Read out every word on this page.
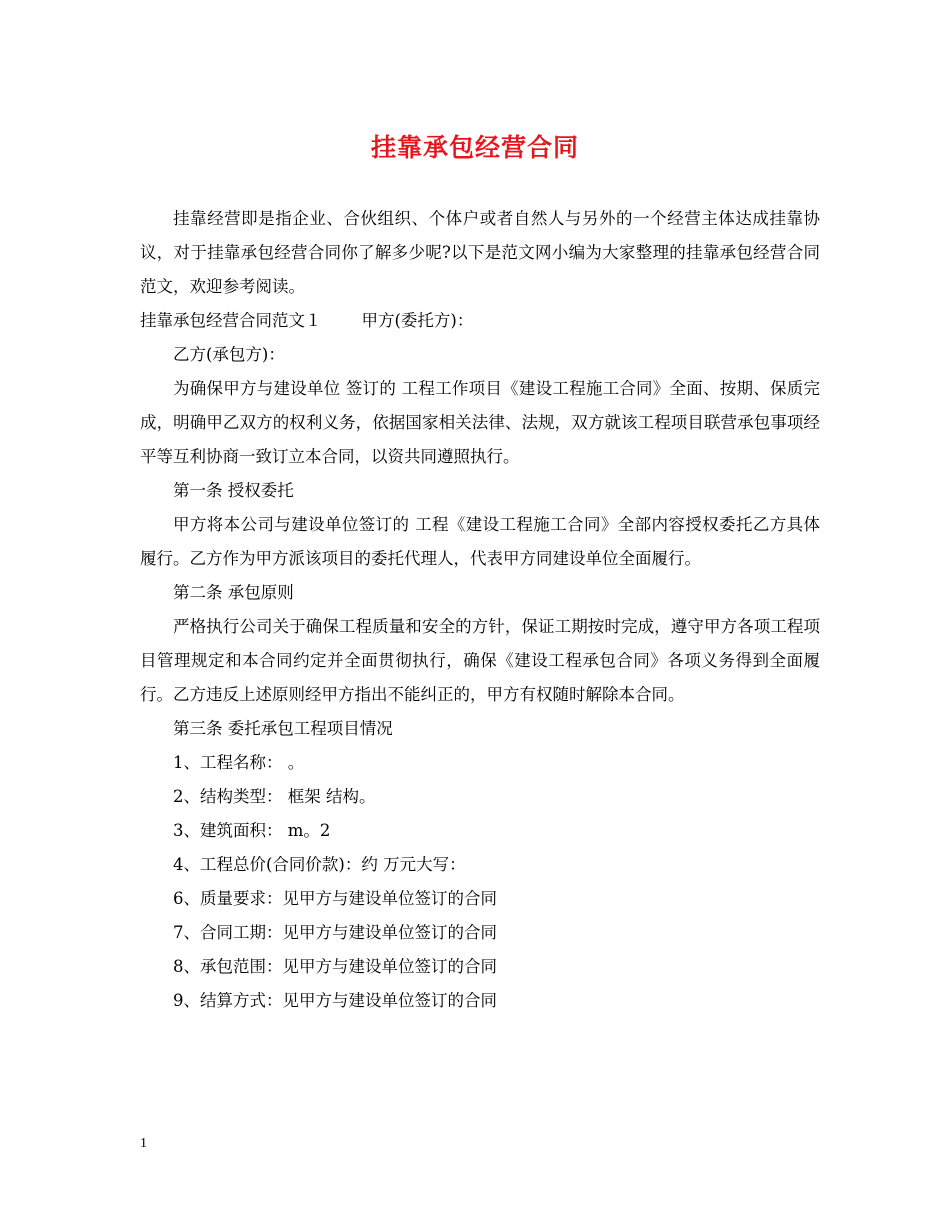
挂靠承包经营合同

挂靠经营即是指企业、合伙组织、个体户或者自然人与另外的一个经营主体达成挂靠协议，对于挂靠承包经营合同你了解多少呢?以下是范文网小编为大家整理的挂靠承包经营合同范文，欢迎参考阅读。

挂靠承包经营合同范文１ 甲方(委托方)：

乙方(承包方)：

为确保甲方与建设单位 签订的 工程工作项目《建设工程施工合同》全面、按期、保质完成，明确甲乙双方的权利义务，依据国家相关法律、法规，双方就该工程项目联营承包事项经平等互利协商一致订立本合同，以资共同遵照执行。

第一条 授权委托

甲方将本公司与建设单位签订的 工程《建设工程施工合同》全部内容授权委托乙方具体履行。乙方作为甲方派该项目的委托代理人，代表甲方同建设单位全面履行。

第二条 承包原则

严格执行公司关于确保工程质量和安全的方针，保证工期按时完成，遵守甲方各项工程项目管理规定和本合同约定并全面贯彻执行，确保《建设工程承包合同》各项义务得到全面履行。乙方违反上述原则经甲方指出不能纠正的，甲方有权随时解除本合同。

第三条 委托承包工程项目情况

1、工程名称： 。

2、结构类型： 框架 结构。

3、建筑面积： m。2

4、工程总价(合同价款)：约 万元大写：

6、质量要求：见甲方与建设单位签订的合同

7、合同工期：见甲方与建设单位签订的合同

8、承包范围：见甲方与建设单位签订的合同

9、结算方式：见甲方与建设单位签订的合同

1
